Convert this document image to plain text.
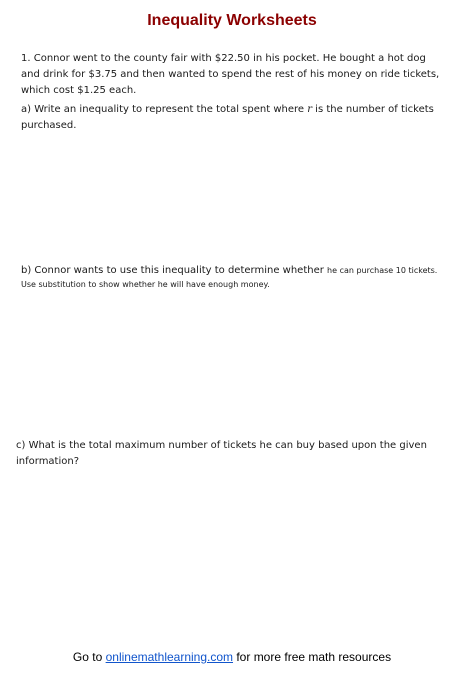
Inequality Worksheets

1. Connor went to the county fair with $22.50 in his pocket. He bought a hot dog and drink for $3.75 and then wanted to spend the rest of his money on ride tickets, which cost $1.25 each.

a) Write an inequality to represent the total spent where r is the number of tickets purchased.

b) Connor wants to use this inequality to determine whether he can purchase 10 tickets. Use substitution to show whether he will have enough money.

c) What is the total maximum number of tickets he can buy based upon the given information?

Go to onlinemathlearning.com for more free math resources
